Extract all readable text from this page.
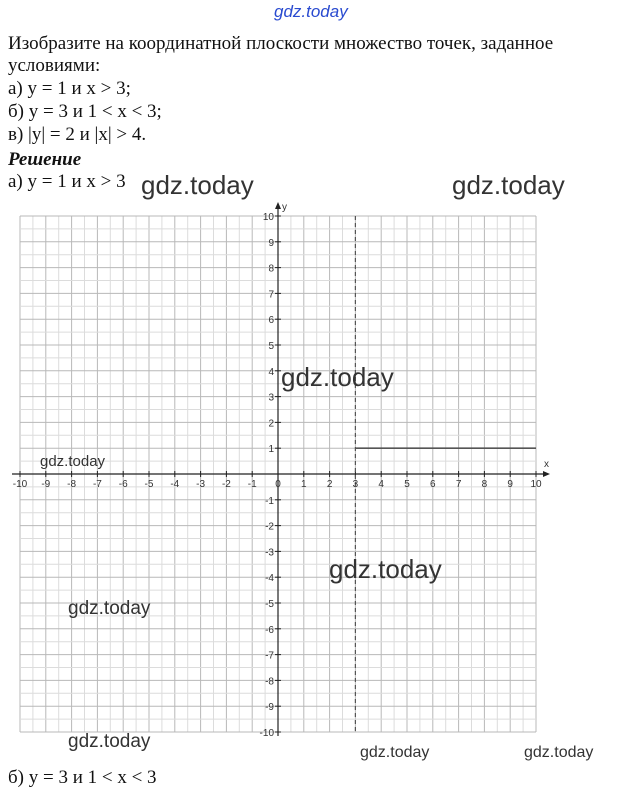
gdz.today
Изобразите на координатной плоскости множество точек, заданное
условиями:
а) y = 1 и x > 3;
б) y = 3 и 1 < x < 3;
в) |y| = 2 и |x| > 4.
Решение
а) y = 1 и x > 3
x
y
-10 -9 -8 -7 -6 -5 -4 -3 -2 -1 0 1 2 3 4 5 6 7 8 9 10
-10
-9
-8
-7
-6
-5
-4
-3
-2
-1
1
2
3
4
5
6
7
8
9
10
gdz.today	gdz.today
gdz.today
gdz.today
gdz.today
gdz.today
gdz.today
gdz.today	gdz.today
б) y = 3 и 1 < x < 3
